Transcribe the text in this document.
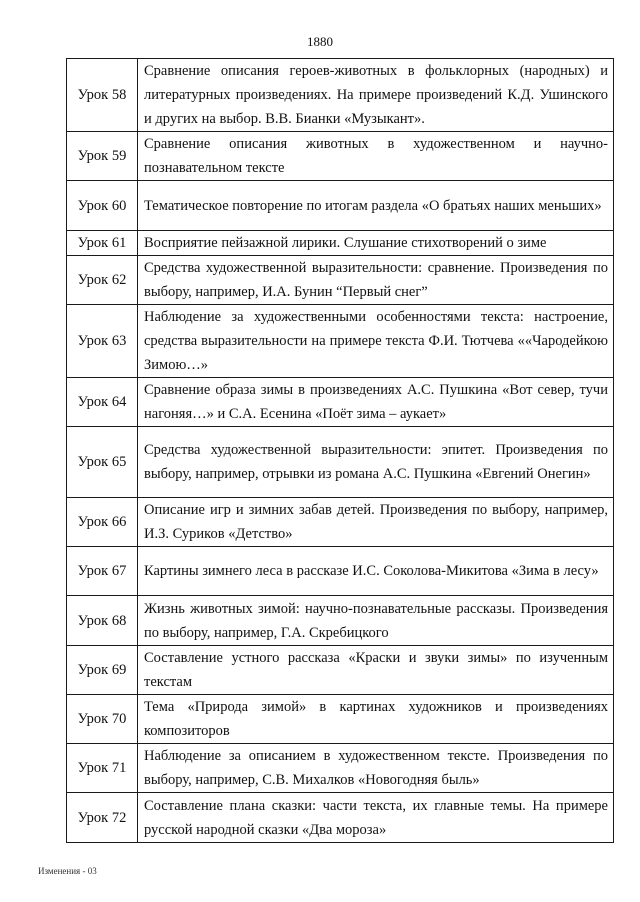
1880
Урок 58	Сравнение описания героев-животных в фольклорных (народных) и литературных произведениях. На примере произведений К.Д. Ушинского и других на выбор. В.В. Бианки «Музыкант».
Урок 59	Сравнение описания животных в художественном и научно-познавательном тексте
Урок 60	Тематическое повторение по итогам раздела «О братьях наших меньших»
Урок 61	Восприятие пейзажной лирики. Слушание стихотворений о зиме
Урок 62	Средства художественной выразительности: сравнение. Произведения по выбору, например, И.А. Бунин “Первый снег”
Урок 63	Наблюдение за художественными особенностями текста: настроение, средства выразительности на примере текста Ф.И. Тютчева ««Чародейкою Зимою…»
Урок 64	Сравнение образа зимы в произведениях А.С. Пушкина «Вот север, тучи нагоняя…» и С.А. Есенина «Поёт зима – аукает»
Урок 65	Средства художественной выразительности: эпитет. Произведения по выбору, например, отрывки из романа А.С. Пушкина «Евгений Онегин»
Урок 66	Описание игр и зимних забав детей. Произведения по выбору, например, И.З. Суриков «Детство»
Урок 67	Картины зимнего леса в рассказе И.С. Соколова-Микитова «Зима в лесу»
Урок 68	Жизнь животных зимой: научно-познавательные рассказы. Произведения по выбору, например, Г.А. Скребицкого
Урок 69	Составление устного рассказа «Краски и звуки зимы» по изученным текстам
Урок 70	Тема «Природа зимой» в картинах художников и произведениях композиторов
Урок 71	Наблюдение за описанием в художественном тексте. Произведения по выбору, например, С.В. Михалков «Новогодняя быль»
Урок 72	Составление плана сказки: части текста, их главные темы. На примере русской народной сказки «Два мороза»
Изменения - 03
